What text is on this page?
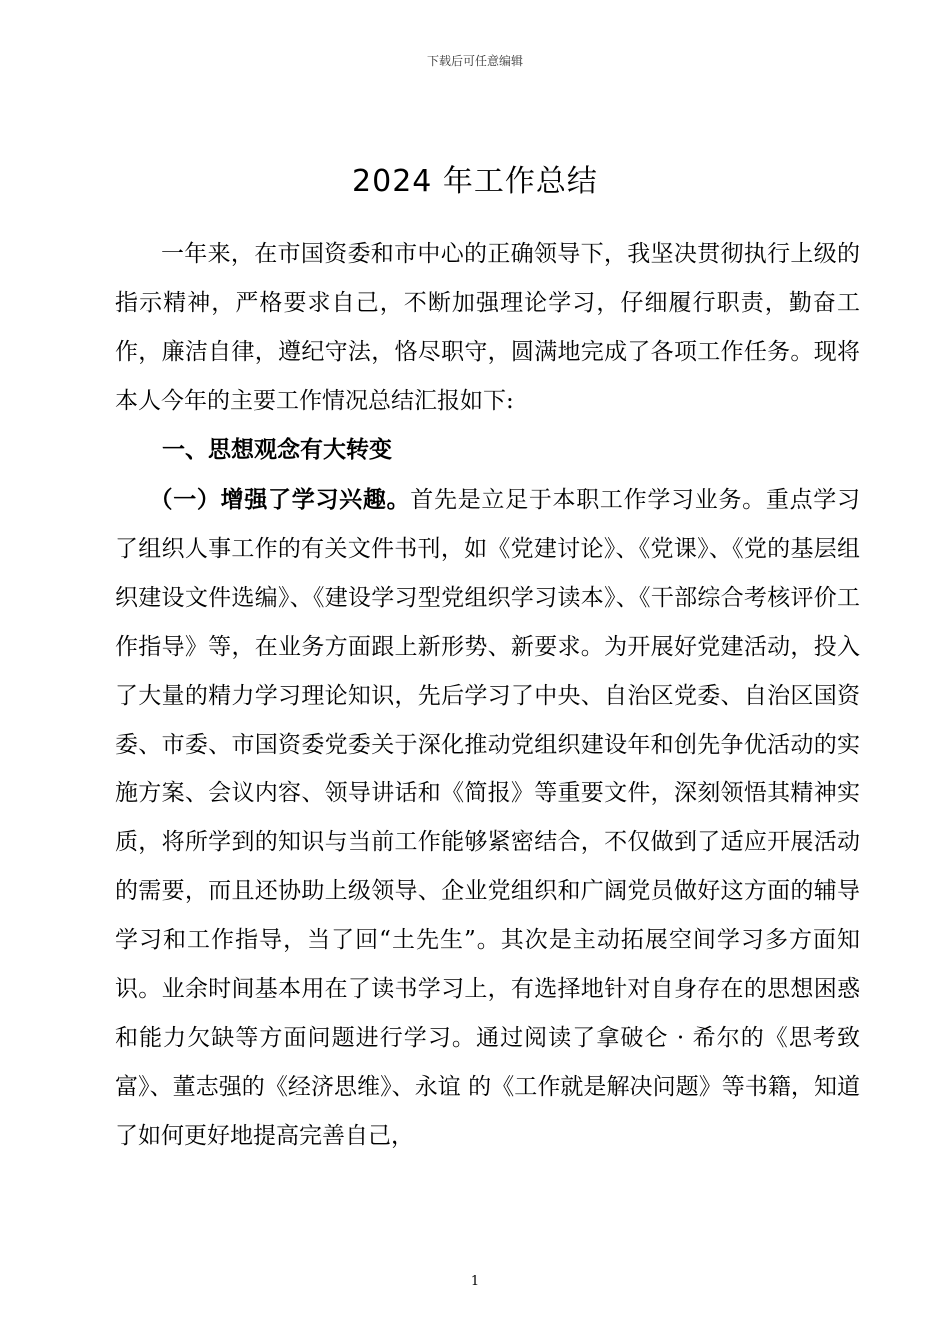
下载后可任意编辑
2024 年工作总结

一年来，在市国资委和市中心的正确领导下，我坚决贯彻执行上级的指示精神，严格要求自己，不断加强理论学习，仔细履行职责，勤奋工作，廉洁自律，遵纪守法，恪尽职守，圆满地完成了各项工作任务。现将本人今年的主要工作情况总结汇报如下:

一、思想观念有大转变

（一）增强了学习兴趣。首先是立足于本职工作学习业务。重点学习了组织人事工作的有关文件书刊，如《党建讨论》、《党课》、《党的基层组织建设文件选编》、《建设学习型党组织学习读本》、《干部综合考核评价工作指导》等，在业务方面跟上新形势、新要求。为开展好党建活动，投入了大量的精力学习理论知识，先后学习了中央、自治区党委、自治区国资委、市委、市国资委党委关于深化推动党组织建设年和创先争优活动的实施方案、会议内容、领导讲话和《简报》等重要文件，深刻领悟其精神实质，将所学到的知识与当前工作能够紧密结合，不仅做到了适应开展活动的需要，而且还协助上级领导、企业党组织和广阔党员做好这方面的辅导学习和工作指导，当了回“土先生”。其次是主动拓展空间学习多方面知识。业余时间基本用在了读书学习上，有选择地针对自身存在的思想困惑和能力欠缺等方面问题进行学习。通过阅读了拿破仑 · 希尔的《思考致富》、董志强的《经济思维》、永谊 的《工作就是解决问题》等书籍，知道了如何更好地提高完善自己，

1
